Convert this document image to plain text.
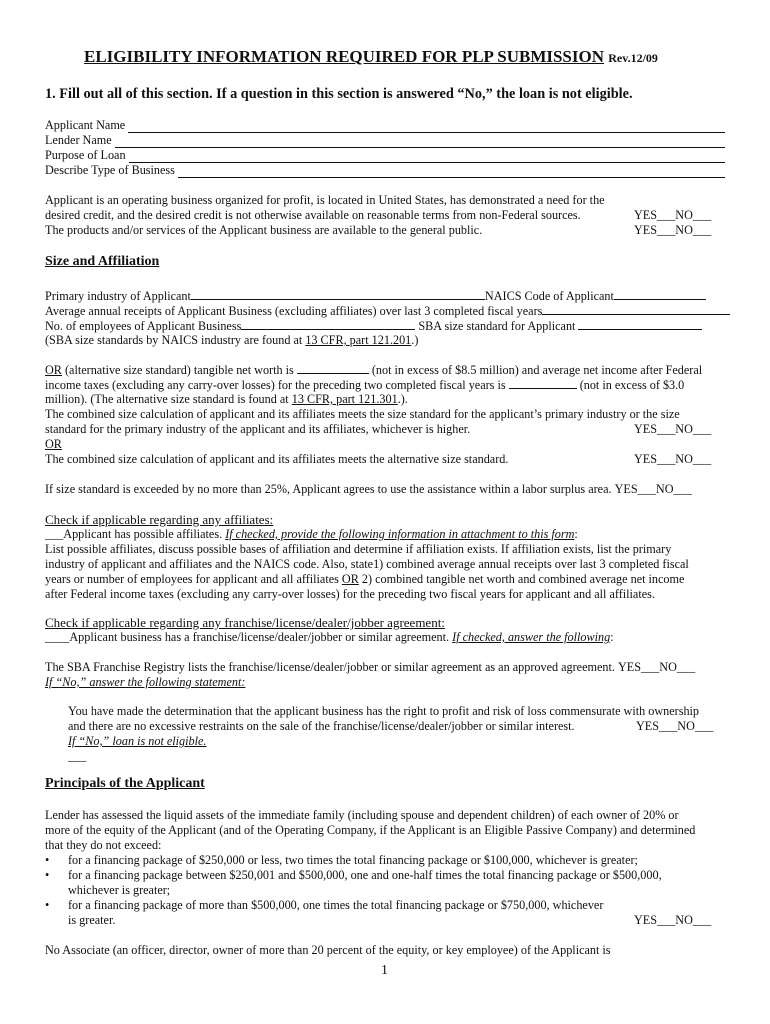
ELIGIBILITY INFORMATION REQUIRED FOR PLP SUBMISSION Rev.12/09
1. Fill out all of this section. If a question in this section is answered “No,” the loan is not eligible.
Applicant Name
Lender Name
Purpose of Loan
Describe Type of Business
Applicant is an operating business organized for profit, is located in United States, has demonstrated a need for the
desired credit, and the desired credit is not otherwise available on reasonable terms from non-Federal sources.	YES___NO___
The products and/or services of the Applicant business are available to the general public.	YES___NO___
Size and Affiliation
Primary industry of Applicant	NAICS Code of Applicant
Average annual receipts of Applicant Business (excluding affiliates) over last 3 completed fiscal years
No. of employees of Applicant Business	SBA size standard for Applicant
(SBA size standards by NAICS industry are found at 13 CFR, part 121.201.)
OR (alternative size standard) tangible net worth is	(not in excess of $8.5 million) and average net income after Federal
income taxes (excluding any carry-over losses) for the preceding two completed fiscal years is	(not in excess of $3.0
million). (The alternative size standard is found at 13 CFR, part 121.301.).
The combined size calculation of applicant and its affiliates meets the size standard for the applicant’s primary industry or the size
standard for the primary industry of the applicant and its affiliates, whichever is higher.	YES___NO___
OR
The combined size calculation of applicant and its affiliates meets the alternative size standard.	YES___NO___
If size standard is exceeded by no more than 25%, Applicant agrees to use the assistance within a labor surplus area. YES___NO___
Check if applicable regarding any affiliates:
___Applicant has possible affiliates. If checked, provide the following information in attachment to this form:
List possible affiliates, discuss possible bases of affiliation and determine if affiliation exists. If affiliation exists, list the primary
industry of applicant and affiliates and the NAICS code. Also, state1) combined average annual receipts over last 3 completed fiscal
years or number of employees for applicant and all affiliates OR 2) combined tangible net worth and combined average net income
after Federal income taxes (excluding any carry-over losses) for the preceding two fiscal years for applicant and all affiliates.
Check if applicable regarding any franchise/license/dealer/jobber agreement:
____Applicant business has a franchise/license/dealer/jobber or similar agreement. If checked, answer the following:
The SBA Franchise Registry lists the franchise/license/dealer/jobber or similar agreement as an approved agreement. YES___NO___
If “No,” answer the following statement:
You have made the determination that the applicant business has the right to profit and risk of loss commensurate with ownership
and there are no excessive restraints on the sale of the franchise/license/dealer/jobber or similar interest.	YES___NO___
If “No,” loan is not eligible.
___
Principals of the Applicant
Lender has assessed the liquid assets of the immediate family (including spouse and dependent children) of each owner of 20% or
more of the equity of the Applicant (and of the Operating Company, if the Applicant is an Eligible Passive Company) and determined
that they do not exceed:
• for a financing package of $250,000 or less, two times the total financing package or $100,000, whichever is greater;
• for a financing package between $250,001 and $500,000, one and one-half times the total financing package or $500,000,
whichever is greater;
• for a financing package of more than $500,000, one times the total financing package or $750,000, whichever
is greater.	YES___NO___
No Associate (an officer, director, owner of more than 20 percent of the equity, or key employee) of the Applicant is
1
